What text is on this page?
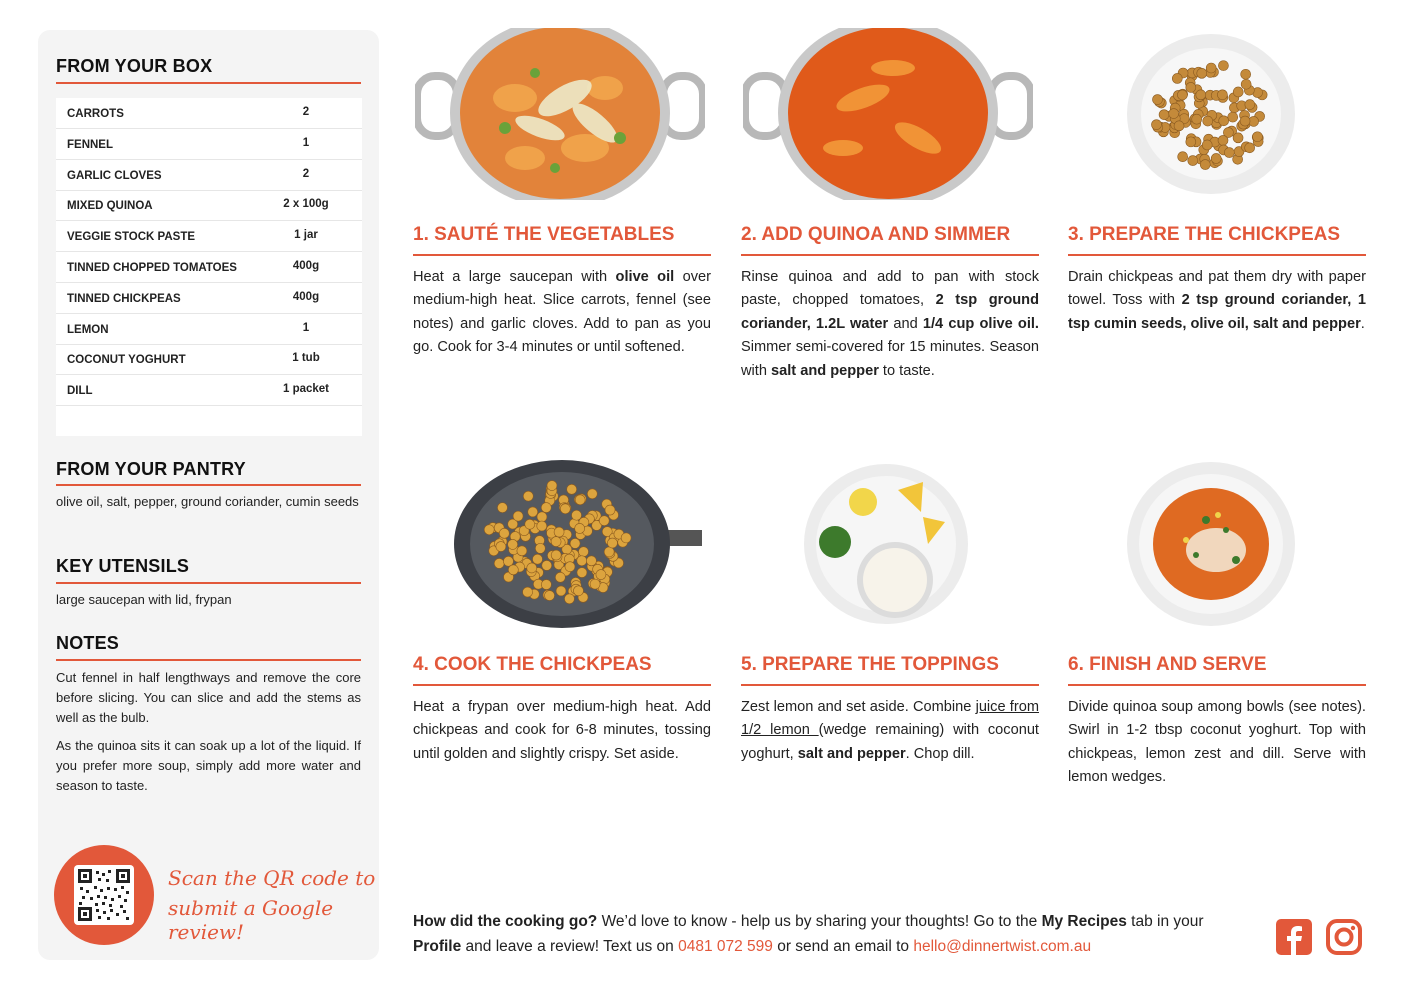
FROM YOUR BOX
CARROTS	2
FENNEL	1
GARLIC CLOVES	2
MIXED QUINOA	2 x 100g
VEGGIE STOCK PASTE	1 jar
TINNED CHOPPED TOMATOES	400g
TINNED CHICKPEAS	400g
LEMON	1
COCONUT YOGHURT	1 tub
DILL	1 packet
FROM YOUR PANTRY
olive oil, salt, pepper, ground coriander, cumin seeds
KEY UTENSILS
large saucepan with lid, frypan
NOTES
Cut fennel in half lengthways and remove the core before slicing. You can slice and add the stems as well as the bulb.
As the quinoa sits it can soak up a lot of the liquid. If you prefer more soup, simply add more water and season to taste.
Scan the QR code to
submit a Google review!
1. SAUTÉ THE VEGETABLES
Heat a large saucepan with olive oil over medium-high heat. Slice carrots, fennel (see notes) and garlic cloves. Add to pan as you go. Cook for 3-4 minutes or until softened.
2. ADD QUINOA AND SIMMER
Rinse quinoa and add to pan with stock paste, chopped tomatoes, 2 tsp ground coriander, 1.2L water and 1/4 cup olive oil. Simmer semi-covered for 15 minutes. Season with salt and pepper to taste.
3. PREPARE THE CHICKPEAS
Drain chickpeas and pat them dry with paper towel. Toss with 2 tsp ground coriander, 1 tsp cumin seeds, olive oil, salt and pepper.
4. COOK THE CHICKPEAS
Heat a frypan over medium-high heat. Add chickpeas and cook for 6-8 minutes, tossing until golden and slightly crispy. Set aside.
5. PREPARE THE TOPPINGS
Zest lemon and set aside. Combine juice from 1/2 lemon (wedge remaining) with coconut yoghurt, salt and pepper. Chop dill.
6. FINISH AND SERVE
Divide quinoa soup among bowls (see notes). Swirl in 1-2 tbsp coconut yoghurt. Top with chickpeas, lemon zest and dill. Serve with lemon wedges.
How did the cooking go? We’d love to know - help us by sharing your thoughts! Go to the My Recipes tab in your Profile and leave a review! Text us on 0481 072 599 or send an email to hello@dinnertwist.com.au
